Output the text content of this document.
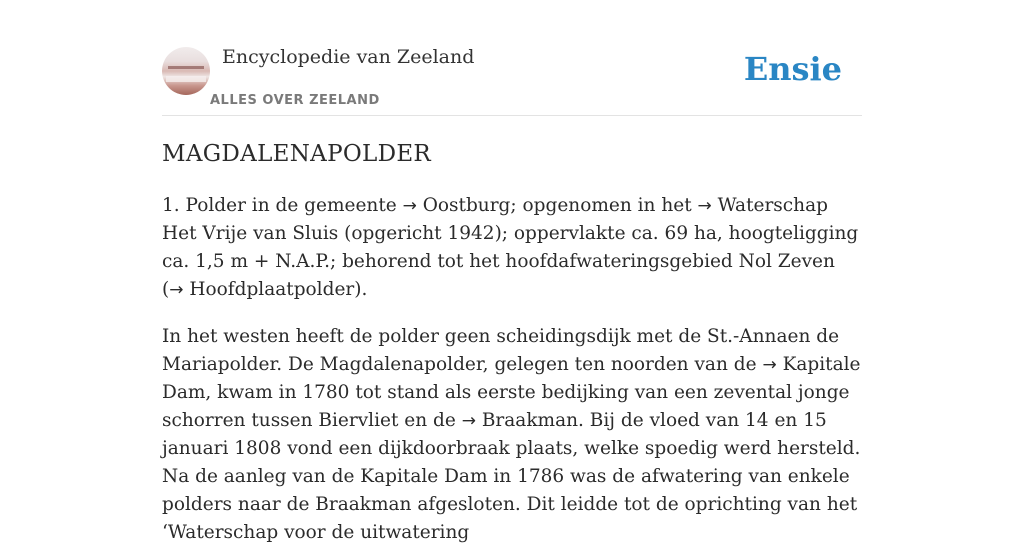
Encyclopedie van Zeeland
ALLES OVER ZEELAND
Ensie
MAGDALENAPOLDER

1. Polder in de gemeente → Oostburg; opgenomen in het → Waterschap Het Vrije van Sluis (opgericht 1942); oppervlakte ca. 69 ha, hoogteligging ca. 1,5 m + N.A.P.; behorend tot het hoofdafwateringsgebied Nol Zeven (→ Hoofdplaatpolder).

In het westen heeft de polder geen scheidingsdijk met de St.-Annaen de Mariapolder. De Magdalenapolder, gelegen ten noorden van de → Kapitale Dam, kwam in 1780 tot stand als eerste bedijking van een zevental jonge schorren tussen Biervliet en de → Braakman. Bij de vloed van 14 en 15 januari 1808 vond een dijkdoorbraak plaats, welke spoedig werd hersteld. Na de aanleg van de Kapitale Dam in 1786 was de afwatering van enkele polders naar de Braakman afgesloten. Dit leidde tot de oprichting van het ‘Waterschap voor de uitwatering
